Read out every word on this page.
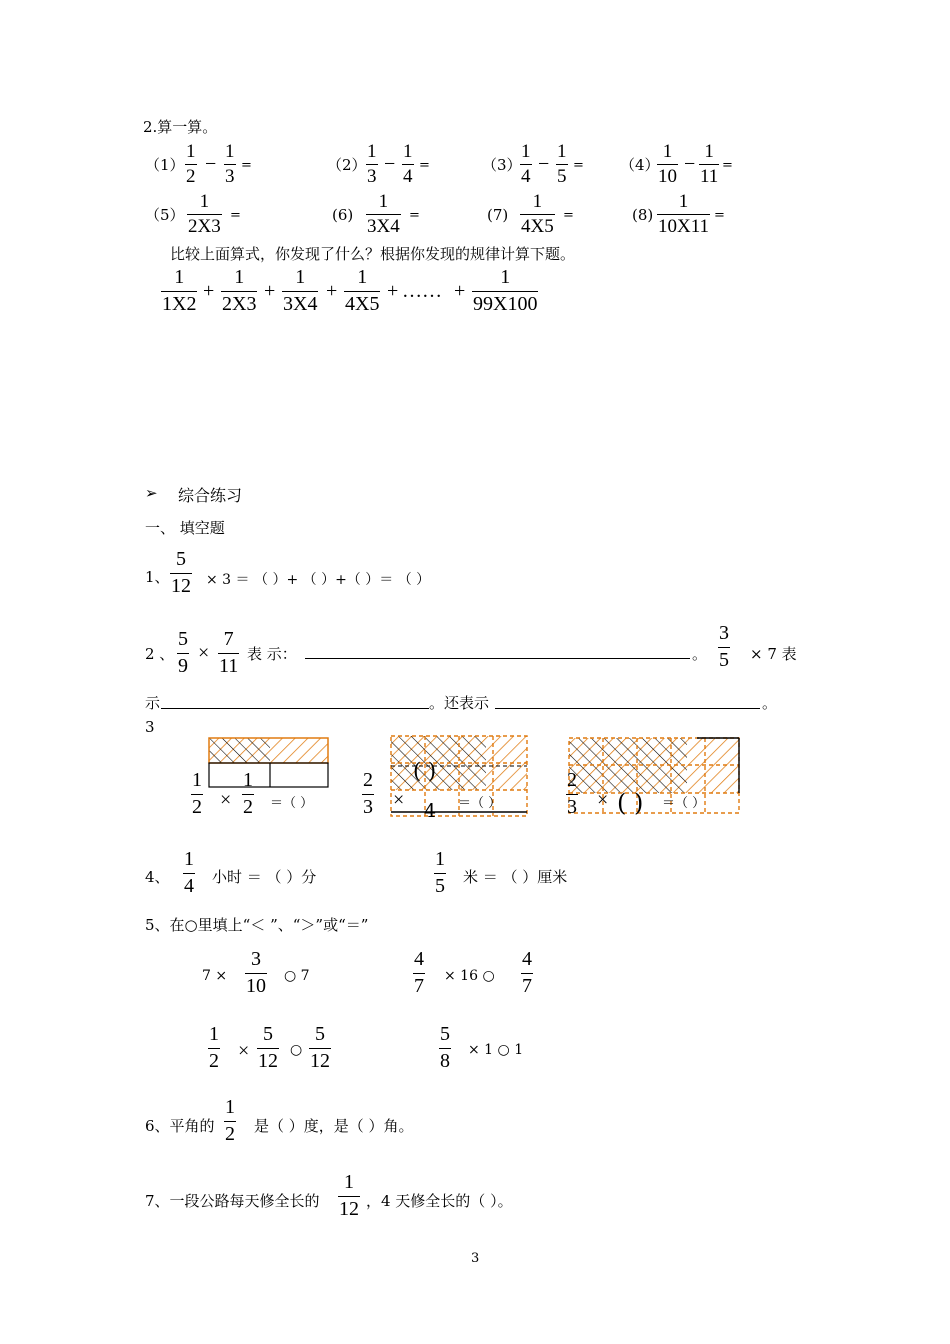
2.算一算。
（1）
1
2
−
1
3
=	（2）
1
3
−
1
4
=	（3）
1
4
−
1
5
= （4）
1
10
−
1
11
=
（5）
1
2X3
=	(6)
1
3X4
=	(7)
1
4X5
=	(8)
1
10X11
=
比较上面算式，你发现了什么？根据你发现的规律计算下题。
1
1X2
+
1
2X3
+
1
3X4
+
1
4X5
+ …… +
1
99X100
➢ 综合练习
一、 填空题
1、
5
12 × 3 ＝ （ ）+ （ ）+（ ）＝ （ ）
2 、
5
9
×
7
11
表 示：	。
3
5 × 7 表
示	。还表示	。
3
1
2 ×
1
2 ＝（ ）
2
3 ×
( )
4 ＝（ ）
2
3 × ( ) ＝（ ）
4、
1
4 小时 ＝ （ ）分
1
5 米 ＝ （ ）厘米
5、在○里填上“＜ ”、“＞”或“＝”
7 ×
3
10 ○ 7
4
7 × 16 ○
4
7
1
2 ×
5
12 ○
5
12
5
8 × 1 ○ 1
6、平角的
1
2 是（ ）度，是（ ）角。
7、一段公路每天修全长的
1
12 ，4 天修全长的（ ）。
3
